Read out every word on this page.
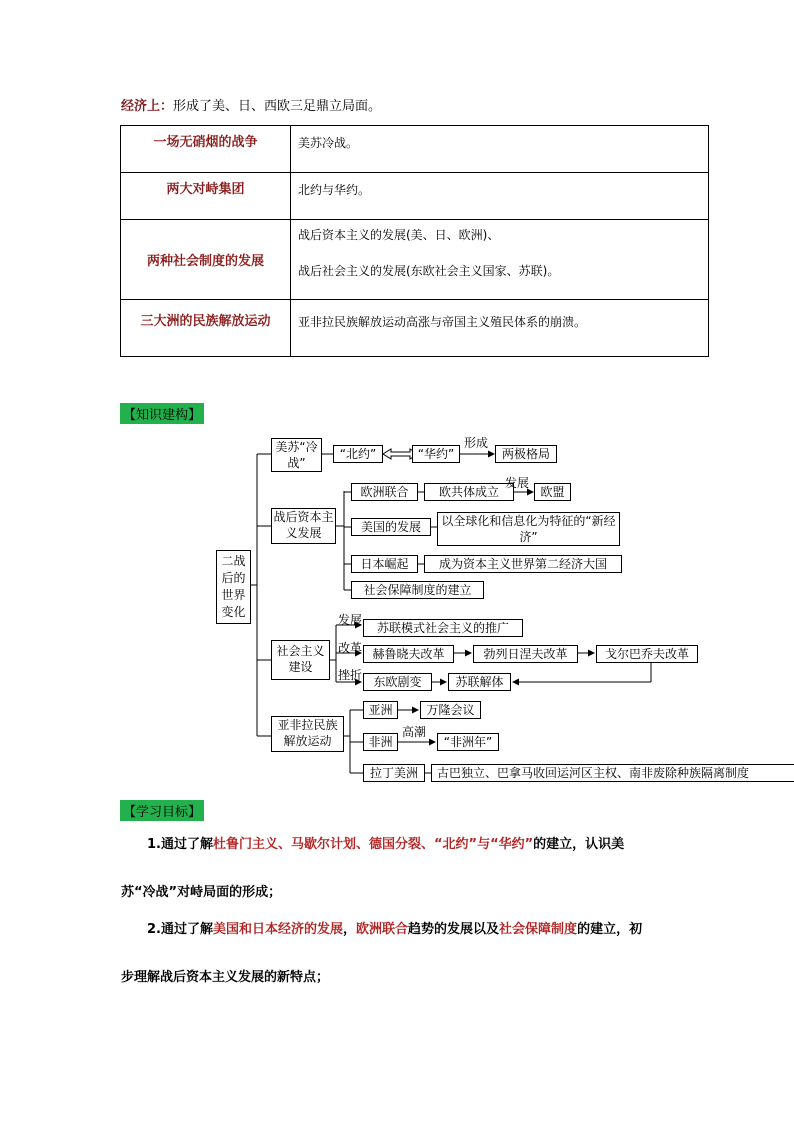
经济上：形成了美、日、西欧三足鼎立局面。
一场无硝烟的战争	美苏冷战。

两大对峙集团	北约与华约。

两种社会制度的发展	战后资本主义的发展(美、日、欧洲)、
战后社会主义的发展(东欧社会主义国家、苏联)。

三大洲的民族解放运动	亚非拉民族解放运动高涨与帝国主义殖民体系的崩溃。
【知识建构】
二战后的世界变化
美苏“冷战”
“北约”	“华约”
形成
两极格局
战后资本主义发展
欧洲联合	欧共体成立
发展
欧盟
美国的发展	以全球化和信息化为特征的“新经济”
日本崛起	成为资本主义世界第二经济大国
社会保障制度的建立
社会主义建设
发展
苏联模式社会主义的推广
改革 赫鲁晓夫改革	勃列日涅夫改革	戈尔巴乔夫改革
挫折 东欧剧变	苏联解体
亚非拉民族解放运动
亚洲	万隆会议
非洲
高潮
“非洲年”
拉丁美洲	古巴独立、巴拿马收回运河区主权、南非废除种族隔离制度
【学习目标】
1.通过了解杜鲁门主义、马歇尔计划、德国分裂、“北约”与“华约”的建立，认识美
苏“冷战”对峙局面的形成；
2.通过了解美国和日本经济的发展，欧洲联合趋势的发展以及社会保障制度的建立，初
步理解战后资本主义发展的新特点；
